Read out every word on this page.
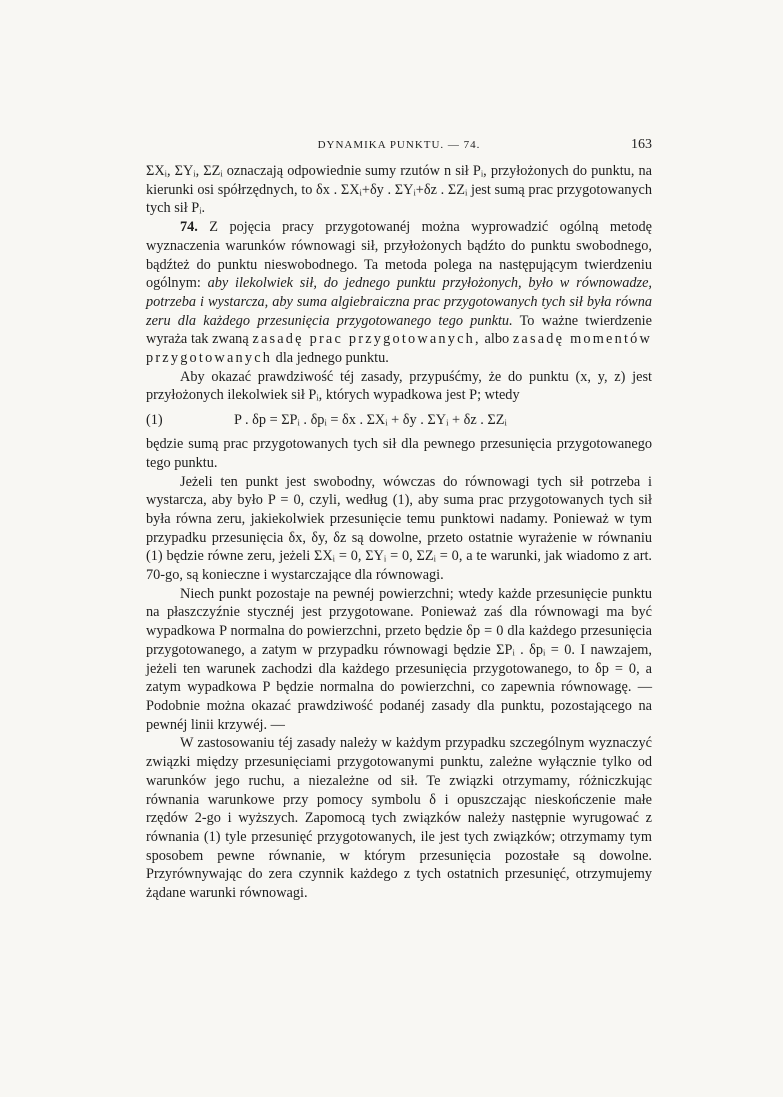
DYNAMIKA PUNKTU. — 74.	163

ΣXᵢ, ΣYᵢ, ΣZᵢ oznaczają odpowiednie sumy rzutów n sił Pᵢ, przyłożonych do punktu, na kierunki osi spółrzędnych, to δx . ΣXᵢ+δy . ΣYᵢ+δz . ΣZᵢ jest sumą prac przygotowanych tych sił Pᵢ.

74. Z pojęcia pracy przygotowanéj można wyprowadzić ogólną metodę wyznaczenia warunków równowagi sił, przyłożonych bądźto do punktu swobodnego, bądźteż do punktu nieswobodnego. Ta metoda polega na następującym twierdzeniu ogólnym: aby ilekolwiek sił, do jednego punktu przyłożonych, było w równowadze, potrzeba i wystarcza, aby suma algiebraiczna prac przygotowanych tych sił była równa zeru dla każdego przesunięcia przygotowanego tego punktu. To ważne twierdzenie wyraża tak zwaną zasadę prac przygotowanych, albo zasadę momentów przygotowanych dla jednego punktu.

Aby okazać prawdziwość téj zasady, przypuśćmy, że do punktu (x, y, z) jest przyłożonych ilekolwiek sił Pᵢ, których wypadkowa jest P; wtedy

(1)	P . δp = ΣPᵢ . δpᵢ = δx . ΣXᵢ + δy . ΣYᵢ + δz . ΣZᵢ

będzie sumą prac przygotowanych tych sił dla pewnego przesunięcia przygotowanego tego punktu.

Jeżeli ten punkt jest swobodny, wówczas do równowagi tych sił potrzeba i wystarcza, aby było P = 0, czyli, według (1), aby suma prac przygotowanych tych sił była równa zeru, jakiekolwiek przesunięcie temu punktowi nadamy. Ponieważ w tym przypadku przesunięcia δx, δy, δz są dowolne, przeto ostatnie wyrażenie w równaniu (1) będzie równe zeru, jeżeli ΣXᵢ = 0, ΣYᵢ = 0, ΣZᵢ = 0, a te warunki, jak wiadomo z art. 70-go, są konieczne i wystarczające dla równowagi.

Niech punkt pozostaje na pewnéj powierzchni; wtedy każde przesunięcie punktu na płaszczyźnie stycznéj jest przygotowane. Ponieważ zaś dla równowagi ma być wypadkowa P normalna do powierzchni, przeto będzie δp = 0 dla każdego przesunięcia przygotowanego, a zatym w przypadku równowagi będzie ΣPᵢ . δpᵢ = 0. I nawzajem, jeżeli ten warunek zachodzi dla każdego przesunięcia przygotowanego, to δp = 0, a zatym wypadkowa P będzie normalna do powierzchni, co zapewnia równowagę. — Podobnie można okazać prawdziwość podanéj zasady dla punktu, pozostającego na pewnéj linii krzywéj. —

W zastosowaniu téj zasady należy w każdym przypadku szczególnym wyznaczyć związki między przesunięciami przygotowanymi punktu, zależne wyłącznie tylko od warunków jego ruchu, a niezależne od sił. Te związki otrzymamy, różniczkując równania warunkowe przy pomocy symbolu δ i opuszczając nieskończenie małe rzędów 2-go i wyższych. Zapomocą tych związków należy następnie wyrugować z równania (1) tyle przesunięć przygotowanych, ile jest tych związków; otrzymamy tym sposobem pewne równanie, w którym przesunięcia pozostałe są dowolne. Przyrównywając do zera czynnik każdego z tych ostatnich przesunięć, otrzymujemy żądane warunki równowagi.
